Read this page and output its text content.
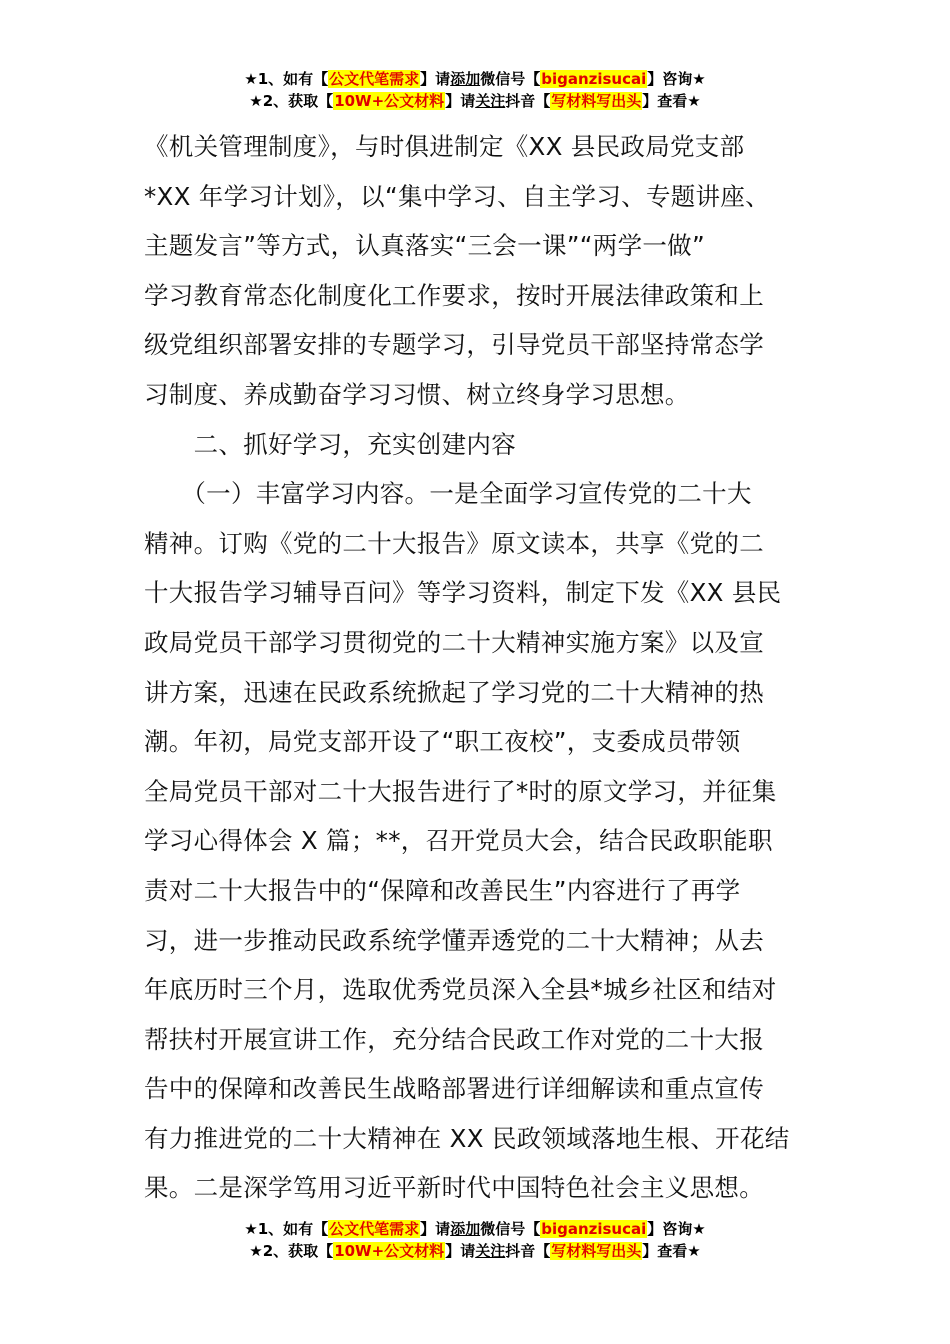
★1、如有【公文代笔需求】请添加微信号【biganzisucai】咨询★
★2、获取【10W+公文材料】请关注抖音【写材料写出头】查看★
《机关管理制度》，与时俱进制定《XX 县民政局党支部
*XX 年学习计划》，以“集中学习、自主学习、专题讲座、
主题发言”等方式，认真落实“三会一课”“两学一做”
学习教育常态化制度化工作要求，按时开展法律政策和上
级党组织部署安排的专题学习，引导党员干部坚持常态学
习制度、养成勤奋学习习惯、树立终身学习思想。
　　二、抓好学习，充实创建内容
　　（一）丰富学习内容。一是全面学习宣传党的二十大
精神。订购《党的二十大报告》原文读本，共享《党的二
十大报告学习辅导百问》等学习资料，制定下发《XX 县民
政局党员干部学习贯彻党的二十大精神实施方案》以及宣
讲方案，迅速在民政系统掀起了学习党的二十大精神的热
潮。年初，局党支部开设了“职工夜校”，支委成员带领
全局党员干部对二十大报告进行了*时的原文学习，并征集
学习心得体会 X 篇；**，召开党员大会，结合民政职能职
责对二十大报告中的“保障和改善民生”内容进行了再学
习，进一步推动民政系统学懂弄透党的二十大精神；从去
年底历时三个月，选取优秀党员深入全县*城乡社区和结对
帮扶村开展宣讲工作，充分结合民政工作对党的二十大报
告中的保障和改善民生战略部署进行详细解读和重点宣传
有力推进党的二十大精神在 XX 民政领域落地生根、开花结
果。二是深学笃用习近平新时代中国特色社会主义思想。
★1、如有【公文代笔需求】请添加微信号【biganzisucai】咨询★
★2、获取【10W+公文材料】请关注抖音【写材料写出头】查看★
